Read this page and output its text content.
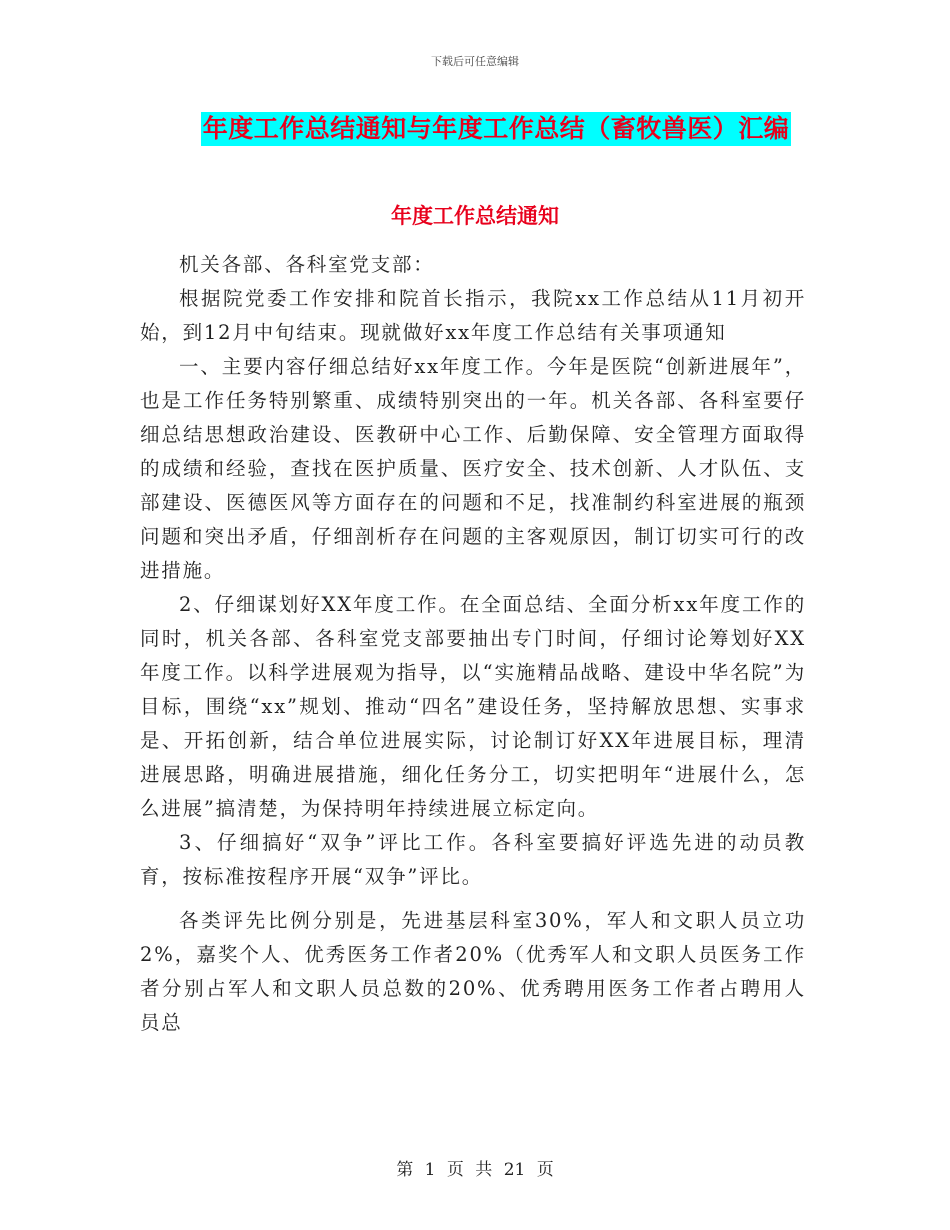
下载后可任意编辑
年度工作总结通知与年度工作总结（畜牧兽医）汇编
年度工作总结通知

机关各部、各科室党支部：

根据院党委工作安排和院首长指示，我院xx工作总结从11月初开始，到12月中旬结束。现就做好xx年度工作总结有关事项通知

一、主要内容仔细总结好xx年度工作。今年是医院“创新进展年”，也是工作任务特别繁重、成绩特别突出的一年。机关各部、各科室要仔细总结思想政治建设、医教研中心工作、后勤保障、安全管理方面取得的成绩和经验，查找在医护质量、医疗安全、技术创新、人才队伍、支部建设、医德医风等方面存在的问题和不足，找准制约科室进展的瓶颈问题和突出矛盾，仔细剖析存在问题的主客观原因，制订切实可行的改进措施。

2、仔细谋划好XX年度工作。在全面总结、全面分析xx年度工作的同时，机关各部、各科室党支部要抽出专门时间，仔细讨论筹划好XX年度工作。以科学进展观为指导，以“实施精品战略、建设中华名院”为目标，围绕“xx”规划、推动“四名”建设任务，坚持解放思想、实事求是、开拓创新，结合单位进展实际，讨论制订好XX年进展目标，理清进展思路，明确进展措施，细化任务分工，切实把明年“进展什么，怎么进展”搞清楚，为保持明年持续进展立标定向。

3、仔细搞好“双争”评比工作。各科室要搞好评选先进的动员教育，按标准按程序开展“双争”评比。

各类评先比例分别是，先进基层科室30%，军人和文职人员立功2%，嘉奖个人、优秀医务工作者20%（优秀军人和文职人员医务工作者分别占军人和文职人员总数的20%、优秀聘用医务工作者占聘用人员总

第 1 页 共 21 页
